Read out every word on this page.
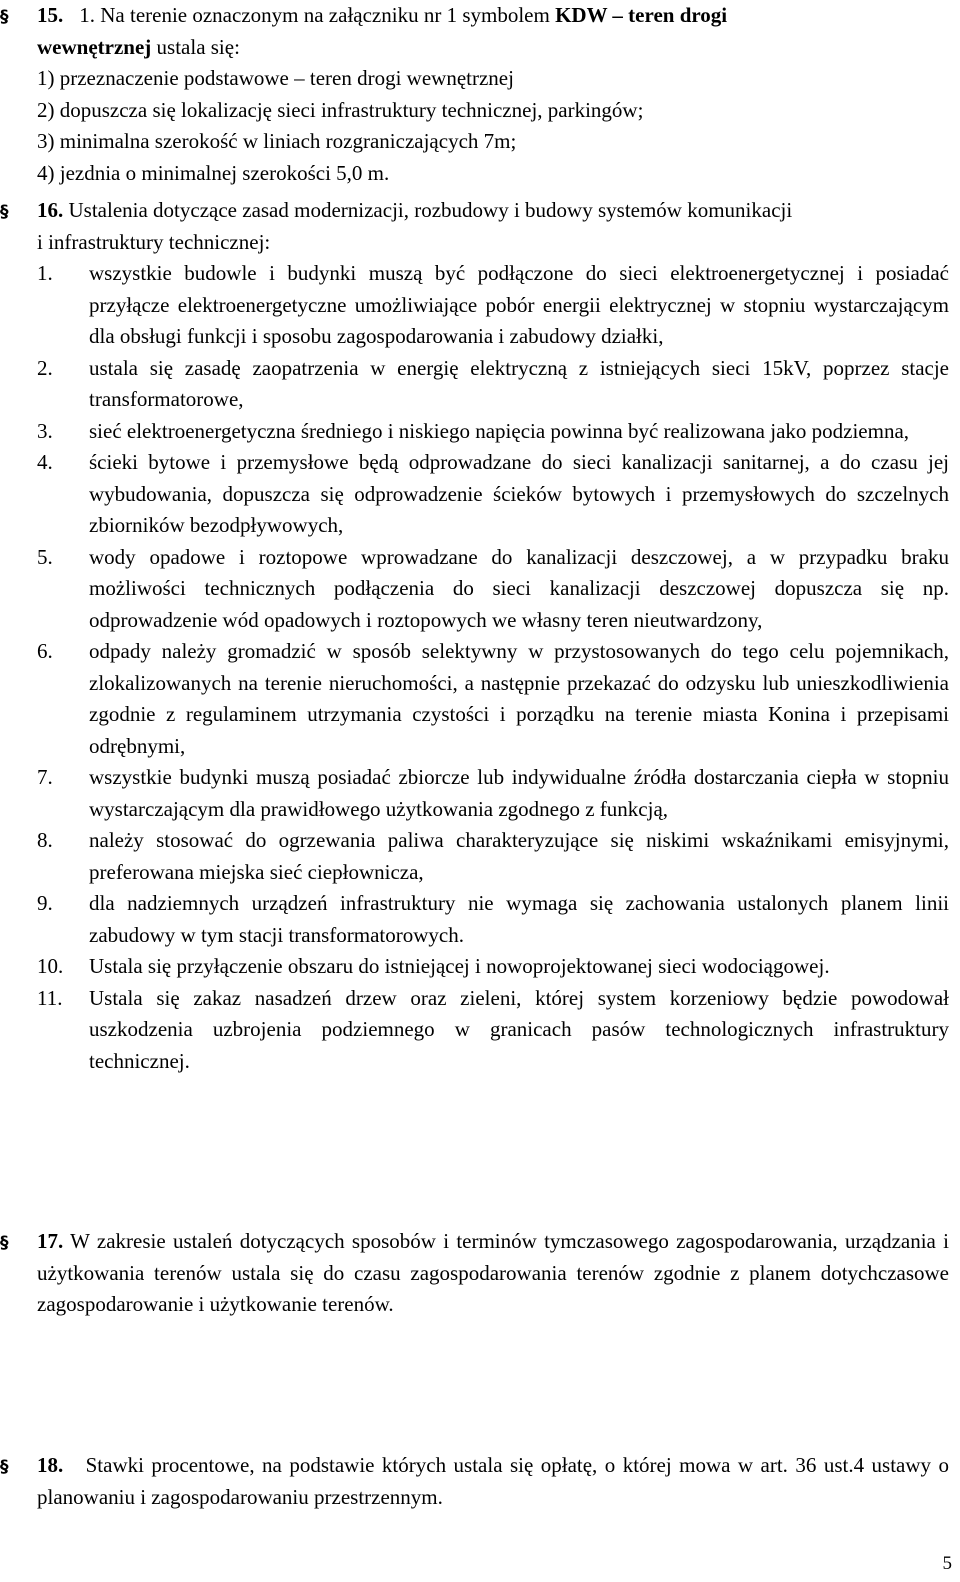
§	15. 1. Na terenie oznaczonym na załączniku nr 1 symbolem KDW – teren drogi
wewnętrznej ustala się:
1) przeznaczenie podstawowe – teren drogi wewnętrznej
2) dopuszcza się lokalizację sieci infrastruktury technicznej, parkingów;
3) minimalna szerokość w liniach rozgraniczających 7m;
4) jezdnia o minimalnej szerokości 5,0 m.
§	16. Ustalenia dotyczące zasad modernizacji, rozbudowy i budowy systemów komunikacji
i infrastruktury technicznej:
1.	wszystkie budowle i budynki muszą być podłączone do sieci elektroenergetycznej i posiadać przyłącze elektroenergetyczne umożliwiające pobór energii elektrycznej w stopniu wystarczającym dla obsługi funkcji i sposobu zagospodarowania i zabudowy działki,
2.	ustala się zasadę zaopatrzenia w energię elektryczną z istniejących sieci 15kV, poprzez stacje transformatorowe,
3.	sieć elektroenergetyczna średniego i niskiego napięcia powinna być realizowana jako podziemna,
4.	ścieki bytowe i przemysłowe będą odprowadzane do sieci kanalizacji sanitarnej, a do czasu jej wybudowania, dopuszcza się odprowadzenie ścieków bytowych i przemysłowych do szczelnych zbiorników bezodpływowych,
5.	wody opadowe i roztopowe wprowadzane do kanalizacji deszczowej, a w przypadku braku możliwości technicznych podłączenia do sieci kanalizacji deszczowej dopuszcza się np. odprowadzenie wód opadowych i roztopowych we własny teren nieutwardzony,
6.	odpady należy gromadzić w sposób selektywny w przystosowanych do tego celu pojemnikach, zlokalizowanych na terenie nieruchomości, a następnie przekazać do odzysku lub unieszkodliwienia zgodnie z regulaminem utrzymania czystości i porządku na terenie miasta Konina i przepisami odrębnymi,
7.	wszystkie budynki muszą posiadać zbiorcze lub indywidualne źródła dostarczania ciepła w stopniu wystarczającym dla prawidłowego użytkowania zgodnego z funkcją,
8.	należy stosować do ogrzewania paliwa charakteryzujące się niskimi wskaźnikami emisyjnymi, preferowana miejska sieć ciepłownicza,
9.	dla nadziemnych urządzeń infrastruktury nie wymaga się zachowania ustalonych planem linii zabudowy w tym stacji transformatorowych.
10.	Ustala się przyłączenie obszaru do istniejącej i nowoprojektowanej sieci wodociągowej.
11.	Ustala się zakaz nasadzeń drzew oraz zieleni, której system korzeniowy będzie powodował uszkodzenia uzbrojenia podziemnego w granicach pasów technologicznych infrastruktury technicznej.
§	17. W zakresie ustaleń dotyczących sposobów i terminów tymczasowego zagospodarowania, urządzania i użytkowania terenów ustala się do czasu zagospodarowania terenów zgodnie z planem dotychczasowe zagospodarowanie i użytkowanie terenów.
§	18. Stawki procentowe, na podstawie których ustala się opłatę, o której mowa w art. 36 ust.4 ustawy o planowaniu i zagospodarowaniu przestrzennym.
5
